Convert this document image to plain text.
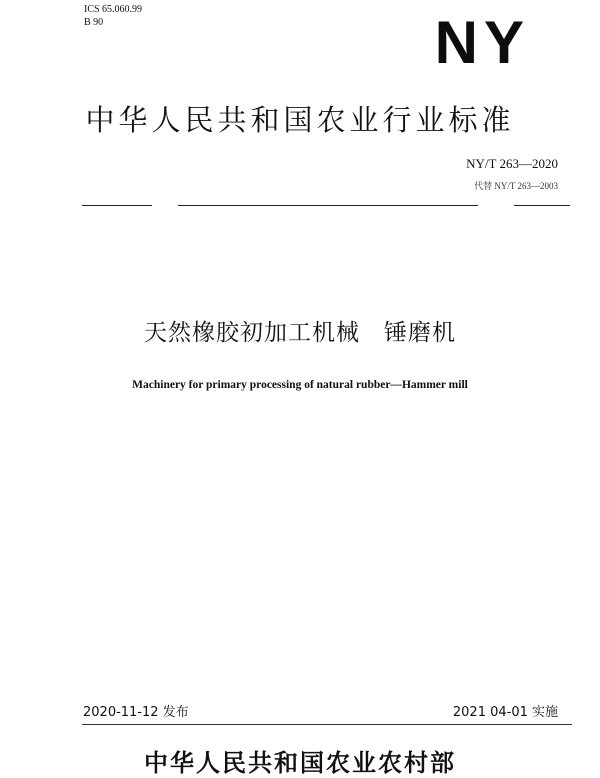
ICS 65.060.99
B 90	NY
中华人民共和国农业行业标准
NY/T 263—2020
代替 NY/T 263—2003
天然橡胶初加工机械　锤磨机
Machinery for primary processing of natural rubber—Hammer mill
2020-11-12 发布	2021 04-01 实施
中华人民共和国农业农村部
